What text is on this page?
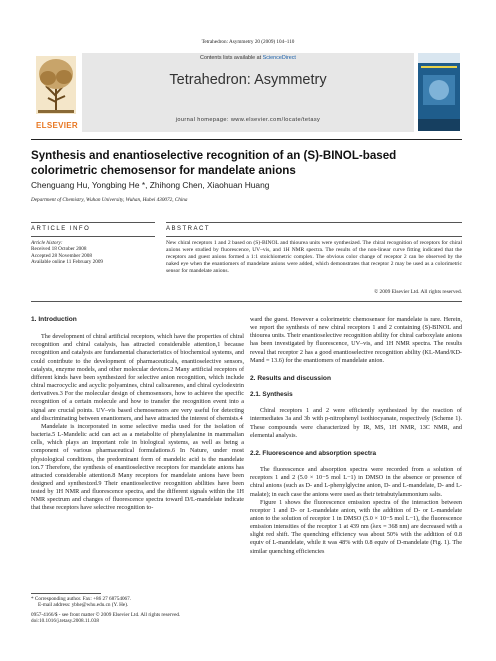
Tetrahedron: Asymmetry 20 (2009) 104–110
ELSEVIER
Contents lists available at ScienceDirect
Tetrahedron: Asymmetry
journal homepage: www.elsevier.com/locate/tetasy
Synthesis and enantioselective recognition of an (S)-BINOL-based colorimetric chemosensor for mandelate anions
Chenguang Hu, Yongbing He *, Zhihong Chen, Xiaohuan Huang
Department of Chemistry, Wuhan University, Wuhan, Hubei 430072, China
ARTICLE INFO
Article history:
Received 18 October 2008
Accepted 28 November 2008
Available online 11 February 2009
ABSTRACT
New chiral receptors 1 and 2 based on (S)-BINOL and thiourea units were synthesized. The chiral recognition of receptors for chiral anions were studied by fluorescence, UV–vis, and 1H NMR spectra. The results of the non-linear curve fitting indicated that the receptors and guest anions formed a 1:1 stoichiometric complex. The obvious color change of receptor 2 can be observed by the naked eye when the enantiomers of mandelate anions were added, which demonstrates that receptor 2 may be used as a colorimetric sensor for mandelate anions.
© 2009 Elsevier Ltd. All rights reserved.
1. Introduction

The development of chiral artificial receptors, which have the properties of chiral recognition and chiral catalysis, has attracted considerable attention,1 because recognition and catalysis are fundamental characteristics of biochemical systems, and could contribute to the development of pharmaceuticals, enantioselective sensors, catalysts, enzyme models, and other molecular devices.2 Many artificial receptors of different kinds have been synthesized for selective anion recognition, which include chiral macrocyclic and acyclic polyamines, chiral calixarenes, and chiral cyclodextrin derivatives.3 For the molecular design of chemosensors, how to achieve the specific recognition of a certain molecule and how to transfer the recognition event into a signal are crucial points. UV–vis based chemosensors are very useful for detecting and discriminating between enantiomers, and have attracted the interest of chemists.4

Mandelate is incorporated in some selective media used for the isolation of bacteria.5 L-Mandelic acid can act as a metabolite of phenylalanine in mammalian cells, which plays an important role in biological systems, as well as being a component of various pharmaceutical formulations.6 In Nature, under most physiological conditions, the predominant form of mandelic acid is the mandelate ion.7 Therefore, the synthesis of enantioselective receptors for mandelate anions has attracted considerable attention.8 Many receptors for mandelate anions have been designed and synthesized.9 Their enantioselective recognition abilities have been tested by 1H NMR and fluorescence spectra, and the different signals within the 1H NMR spectrum and changes of fluorescence spectra toward D/L-mandelate indicate that these receptors have selective recognition to-

* Corresponding author. Fax: +86 27 68754067.
E-mail address: ybhe@whu.edu.cn (Y. He).
0957-4166/$ - see front matter © 2009 Elsevier Ltd. All rights reserved.
doi:10.1016/j.tetasy.2008.11.038

ward the guest. However a colorimetric chemosensor for mandelate is rare. Herein, we report the synthesis of new chiral receptors 1 and 2 containing (S)-BINOL and thiourea units. Their enantioselective recognition ability for chiral carboxylate anions has been investigated by fluorescence, UV–vis, and 1H NMR spectra. The results reveal that receptor 2 has a good enantioselective recognition ability (KL-Mand/KD-Mand = 13.6) for the enantiomers of mandelate anion.

2. Results and discussion
2.1. Synthesis

Chiral receptors 1 and 2 were efficiently synthesized by the reaction of intermediates 3a and 3b with p-nitrophenyl isothiocyanate, respectively (Scheme 1). These compounds were characterized by IR, MS, 1H NMR, 13C NMR, and elemental analysis.

2.2. Fluorescence and absorption spectra

The fluorescence and absorption spectra were recorded from a solution of receptors 1 and 2 (5.0 × 10−5 mol L−1) in DMSO in the absence or presence of chiral anions (such as D- and L-phenylglycine anion, D- and L-mandelate, D- and L-malate); in each case the anions were used as their tetrabutylammonium salts.

Figure 1 shows the fluorescence emission spectra of the interaction between receptor 1 and D- or L-mandelate anion, with the addition of D- or L-mandelate anion to the solution of receptor 1 in DMSO (5.0 × 10−5 mol L−1), the fluorescence emission intensities of the receptor 1 at 439 nm (λex = 368 nm) are decreased with a slight red shift. The quenching efficiency was about 50% with the addition of 0.8 equiv of L-mandelate, while it was 48% with 0.8 equiv of D-mandelate (Fig. 1). The similar quenching efficiencies
